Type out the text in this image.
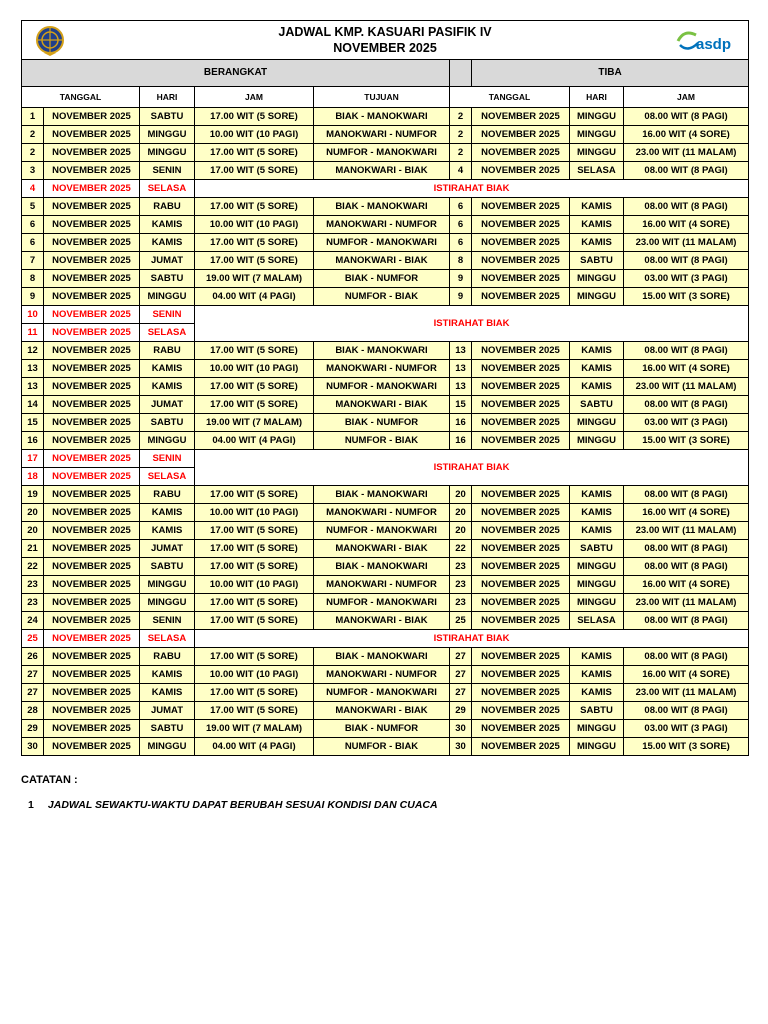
JADWAL KMP. KASUARI PASIFIK IV
NOVEMBER 2025 asdp								

BERANGKAT						TIBA		
TANGGAL		HARI	JAM	TUJUAN	TANGGAL		HARI	JAM
1	NOVEMBER 2025	SABTU	17.00 WIT (5 SORE)	BIAK - MANOKWARI	2	NOVEMBER 2025	MINGGU	08.00 WIT (8 PAGI)
2	NOVEMBER 2025	MINGGU	10.00 WIT (10 PAGI)	MANOKWARI - NUMFOR	2	NOVEMBER 2025	MINGGU	16.00 WIT (4 SORE)
2	NOVEMBER 2025	MINGGU	17.00 WIT (5 SORE)	NUMFOR - MANOKWARI	2	NOVEMBER 2025	MINGGU	23.00 WIT (11 MALAM)
3	NOVEMBER 2025	SENIN	17.00 WIT (5 SORE)	MANOKWARI - BIAK	4	NOVEMBER 2025	SELASA	08.00 WIT (8 PAGI)
4	NOVEMBER 2025	SELASA	ISTIRAHAT BIAK					
5	NOVEMBER 2025	RABU	17.00 WIT (5 SORE)	BIAK - MANOKWARI	6	NOVEMBER 2025	KAMIS	08.00 WIT (8 PAGI)
6	NOVEMBER 2025	KAMIS	10.00 WIT (10 PAGI)	MANOKWARI - NUMFOR	6	NOVEMBER 2025	KAMIS	16.00 WIT (4 SORE)
6	NOVEMBER 2025	KAMIS	17.00 WIT (5 SORE)	NUMFOR - MANOKWARI	6	NOVEMBER 2025	KAMIS	23.00 WIT (11 MALAM)
7	NOVEMBER 2025	JUMAT	17.00 WIT (5 SORE)	MANOKWARI - BIAK	8	NOVEMBER 2025	SABTU	08.00 WIT (8 PAGI)
8	NOVEMBER 2025	SABTU	19.00 WIT (7 MALAM)	BIAK - NUMFOR	9	NOVEMBER 2025	MINGGU	03.00 WIT (3 PAGI)
9	NOVEMBER 2025	MINGGU	04.00 WIT (4 PAGI)	NUMFOR - BIAK	9	NOVEMBER 2025	MINGGU	15.00 WIT (3 SORE)
10	NOVEMBER 2025	SENIN	ISTIRAHAT BIAK					
11	NOVEMBER 2025	SELASA						
12	NOVEMBER 2025	RABU	17.00 WIT (5 SORE)	BIAK - MANOKWARI	13	NOVEMBER 2025	KAMIS	08.00 WIT (8 PAGI)
13	NOVEMBER 2025	KAMIS	10.00 WIT (10 PAGI)	MANOKWARI - NUMFOR	13	NOVEMBER 2025	KAMIS	16.00 WIT (4 SORE)
13	NOVEMBER 2025	KAMIS	17.00 WIT (5 SORE)	NUMFOR - MANOKWARI	13	NOVEMBER 2025	KAMIS	23.00 WIT (11 MALAM)
14	NOVEMBER 2025	JUMAT	17.00 WIT (5 SORE)	MANOKWARI - BIAK	15	NOVEMBER 2025	SABTU	08.00 WIT (8 PAGI)
15	NOVEMBER 2025	SABTU	19.00 WIT (7 MALAM)	BIAK - NUMFOR	16	NOVEMBER 2025	MINGGU	03.00 WIT (3 PAGI)
16	NOVEMBER 2025	MINGGU	04.00 WIT (4 PAGI)	NUMFOR - BIAK	16	NOVEMBER 2025	MINGGU	15.00 WIT (3 SORE)
17	NOVEMBER 2025	SENIN	ISTIRAHAT BIAK					
18	NOVEMBER 2025	SELASA						
19	NOVEMBER 2025	RABU	17.00 WIT (5 SORE)	BIAK - MANOKWARI	20	NOVEMBER 2025	KAMIS	08.00 WIT (8 PAGI)
20	NOVEMBER 2025	KAMIS	10.00 WIT (10 PAGI)	MANOKWARI - NUMFOR	20	NOVEMBER 2025	KAMIS	16.00 WIT (4 SORE)
20	NOVEMBER 2025	KAMIS	17.00 WIT (5 SORE)	NUMFOR - MANOKWARI	20	NOVEMBER 2025	KAMIS	23.00 WIT (11 MALAM)
21	NOVEMBER 2025	JUMAT	17.00 WIT (5 SORE)	MANOKWARI - BIAK	22	NOVEMBER 2025	SABTU	08.00 WIT (8 PAGI)
22	NOVEMBER 2025	SABTU	17.00 WIT (5 SORE)	BIAK - MANOKWARI	23	NOVEMBER 2025	MINGGU	08.00 WIT (8 PAGI)
23	NOVEMBER 2025	MINGGU	10.00 WIT (10 PAGI)	MANOKWARI - NUMFOR	23	NOVEMBER 2025	MINGGU	16.00 WIT (4 SORE)
23	NOVEMBER 2025	MINGGU	17.00 WIT (5 SORE)	NUMFOR - MANOKWARI	23	NOVEMBER 2025	MINGGU	23.00 WIT (11 MALAM)
24	NOVEMBER 2025	SENIN	17.00 WIT (5 SORE)	MANOKWARI - BIAK	25	NOVEMBER 2025	SELASA	08.00 WIT (8 PAGI)
25	NOVEMBER 2025	SELASA	ISTIRAHAT BIAK					
26	NOVEMBER 2025	RABU	17.00 WIT (5 SORE)	BIAK - MANOKWARI	27	NOVEMBER 2025	KAMIS	08.00 WIT (8 PAGI)
27	NOVEMBER 2025	KAMIS	10.00 WIT (10 PAGI)	MANOKWARI - NUMFOR	27	NOVEMBER 2025	KAMIS	16.00 WIT (4 SORE)
27	NOVEMBER 2025	KAMIS	17.00 WIT (5 SORE)	NUMFOR - MANOKWARI	27	NOVEMBER 2025	KAMIS	23.00 WIT (11 MALAM)
28	NOVEMBER 2025	JUMAT	17.00 WIT (5 SORE)	MANOKWARI - BIAK	29	NOVEMBER 2025	SABTU	08.00 WIT (8 PAGI)
29	NOVEMBER 2025	SABTU	19.00 WIT (7 MALAM)	BIAK - NUMFOR	30	NOVEMBER 2025	MINGGU	03.00 WIT (3 PAGI)
30	NOVEMBER 2025	MINGGU	04.00 WIT (4 PAGI)	NUMFOR - BIAK	30	NOVEMBER 2025	MINGGU	15.00 WIT (3 SORE)
CATATAN :
1 JADWAL SEWAKTU-WAKTU DAPAT BERUBAH SESUAI KONDISI DAN CUACA
